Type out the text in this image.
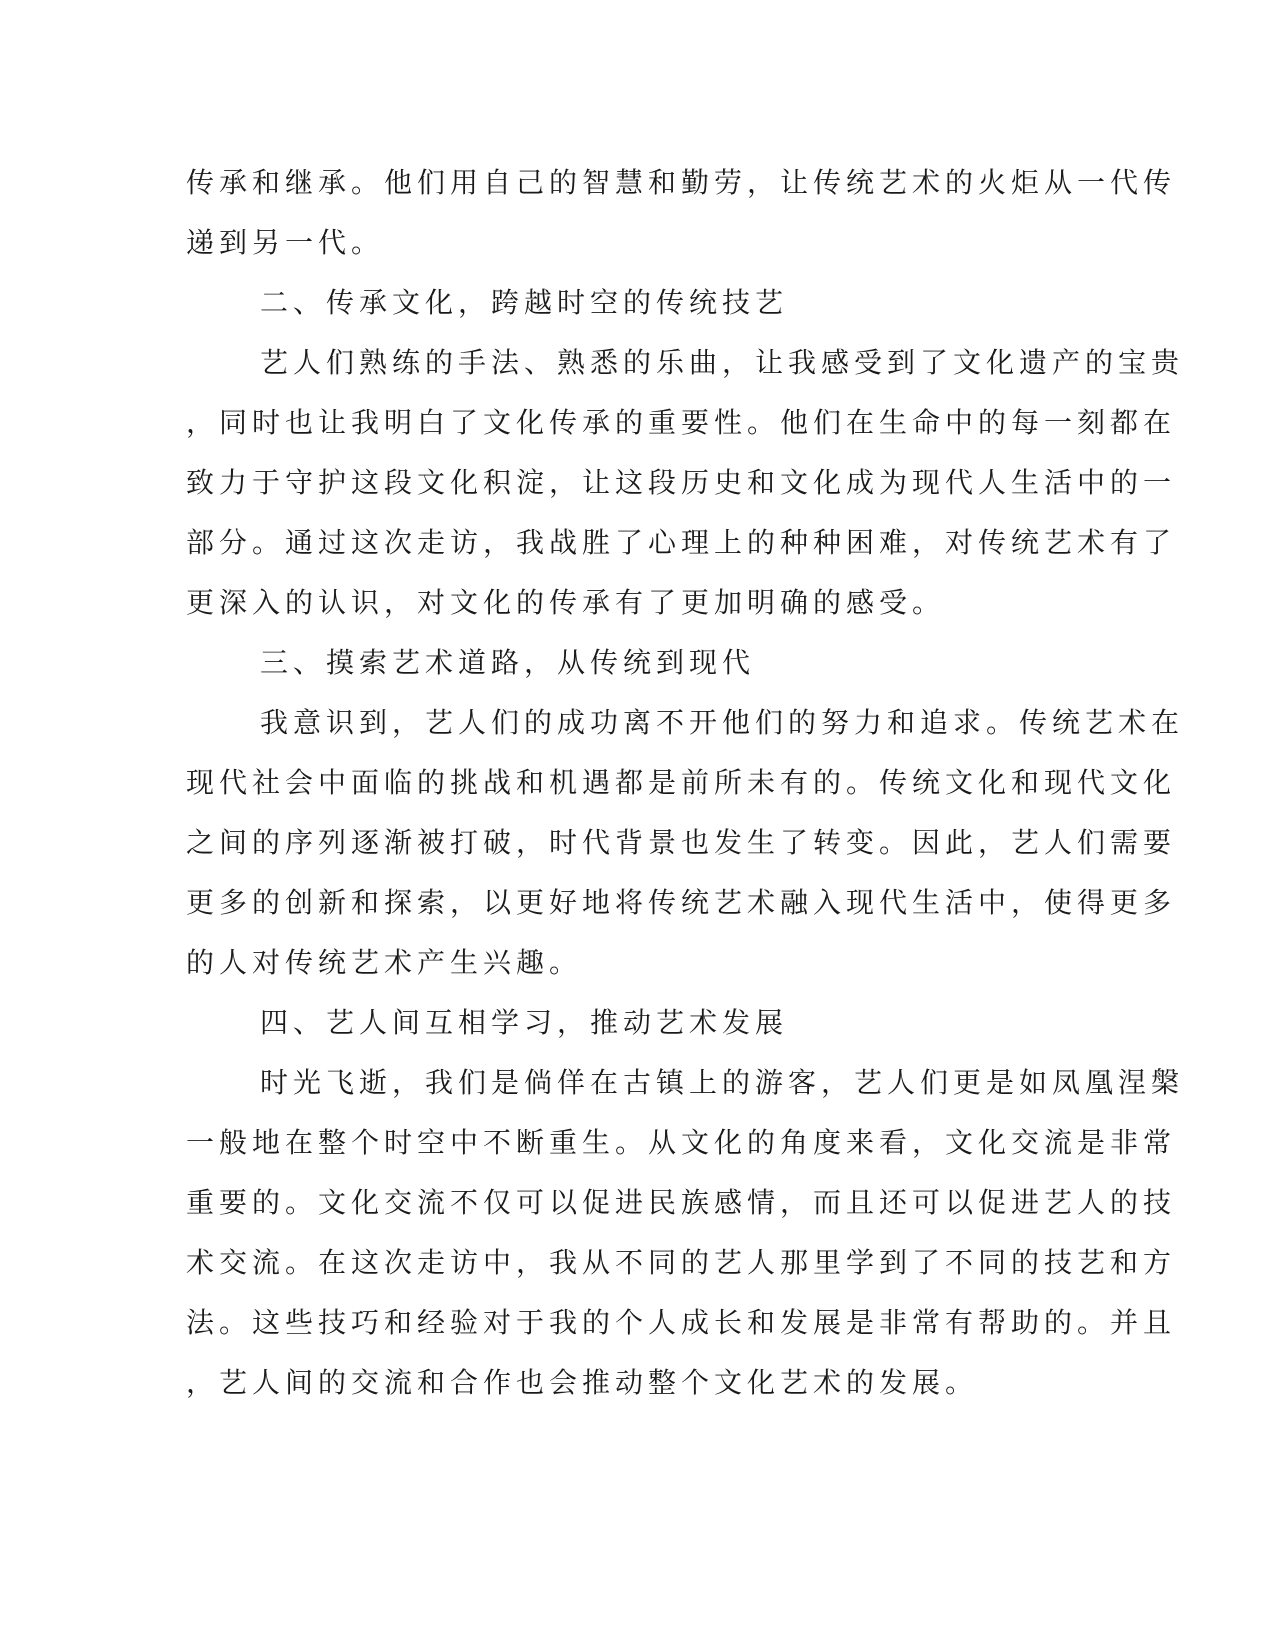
传承和继承。他们用自己的智慧和勤劳，让传统艺术的火炬从一代传
递到另一代。
二、传承文化，跨越时空的传统技艺
艺人们熟练的手法、熟悉的乐曲，让我感受到了文化遗产的宝贵
，同时也让我明白了文化传承的重要性。他们在生命中的每一刻都在
致力于守护这段文化积淀，让这段历史和文化成为现代人生活中的一
部分。通过这次走访，我战胜了心理上的种种困难，对传统艺术有了
更深入的认识，对文化的传承有了更加明确的感受。
三、摸索艺术道路，从传统到现代
我意识到，艺人们的成功离不开他们的努力和追求。传统艺术在
现代社会中面临的挑战和机遇都是前所未有的。传统文化和现代文化
之间的序列逐渐被打破，时代背景也发生了转变。因此，艺人们需要
更多的创新和探索，以更好地将传统艺术融入现代生活中，使得更多
的人对传统艺术产生兴趣。
四、艺人间互相学习，推动艺术发展
时光飞逝，我们是倘佯在古镇上的游客，艺人们更是如凤凰涅槃
一般地在整个时空中不断重生。从文化的角度来看，文化交流是非常
重要的。文化交流不仅可以促进民族感情，而且还可以促进艺人的技
术交流。在这次走访中，我从不同的艺人那里学到了不同的技艺和方
法。这些技巧和经验对于我的个人成长和发展是非常有帮助的。并且
，艺人间的交流和合作也会推动整个文化艺术的发展。
